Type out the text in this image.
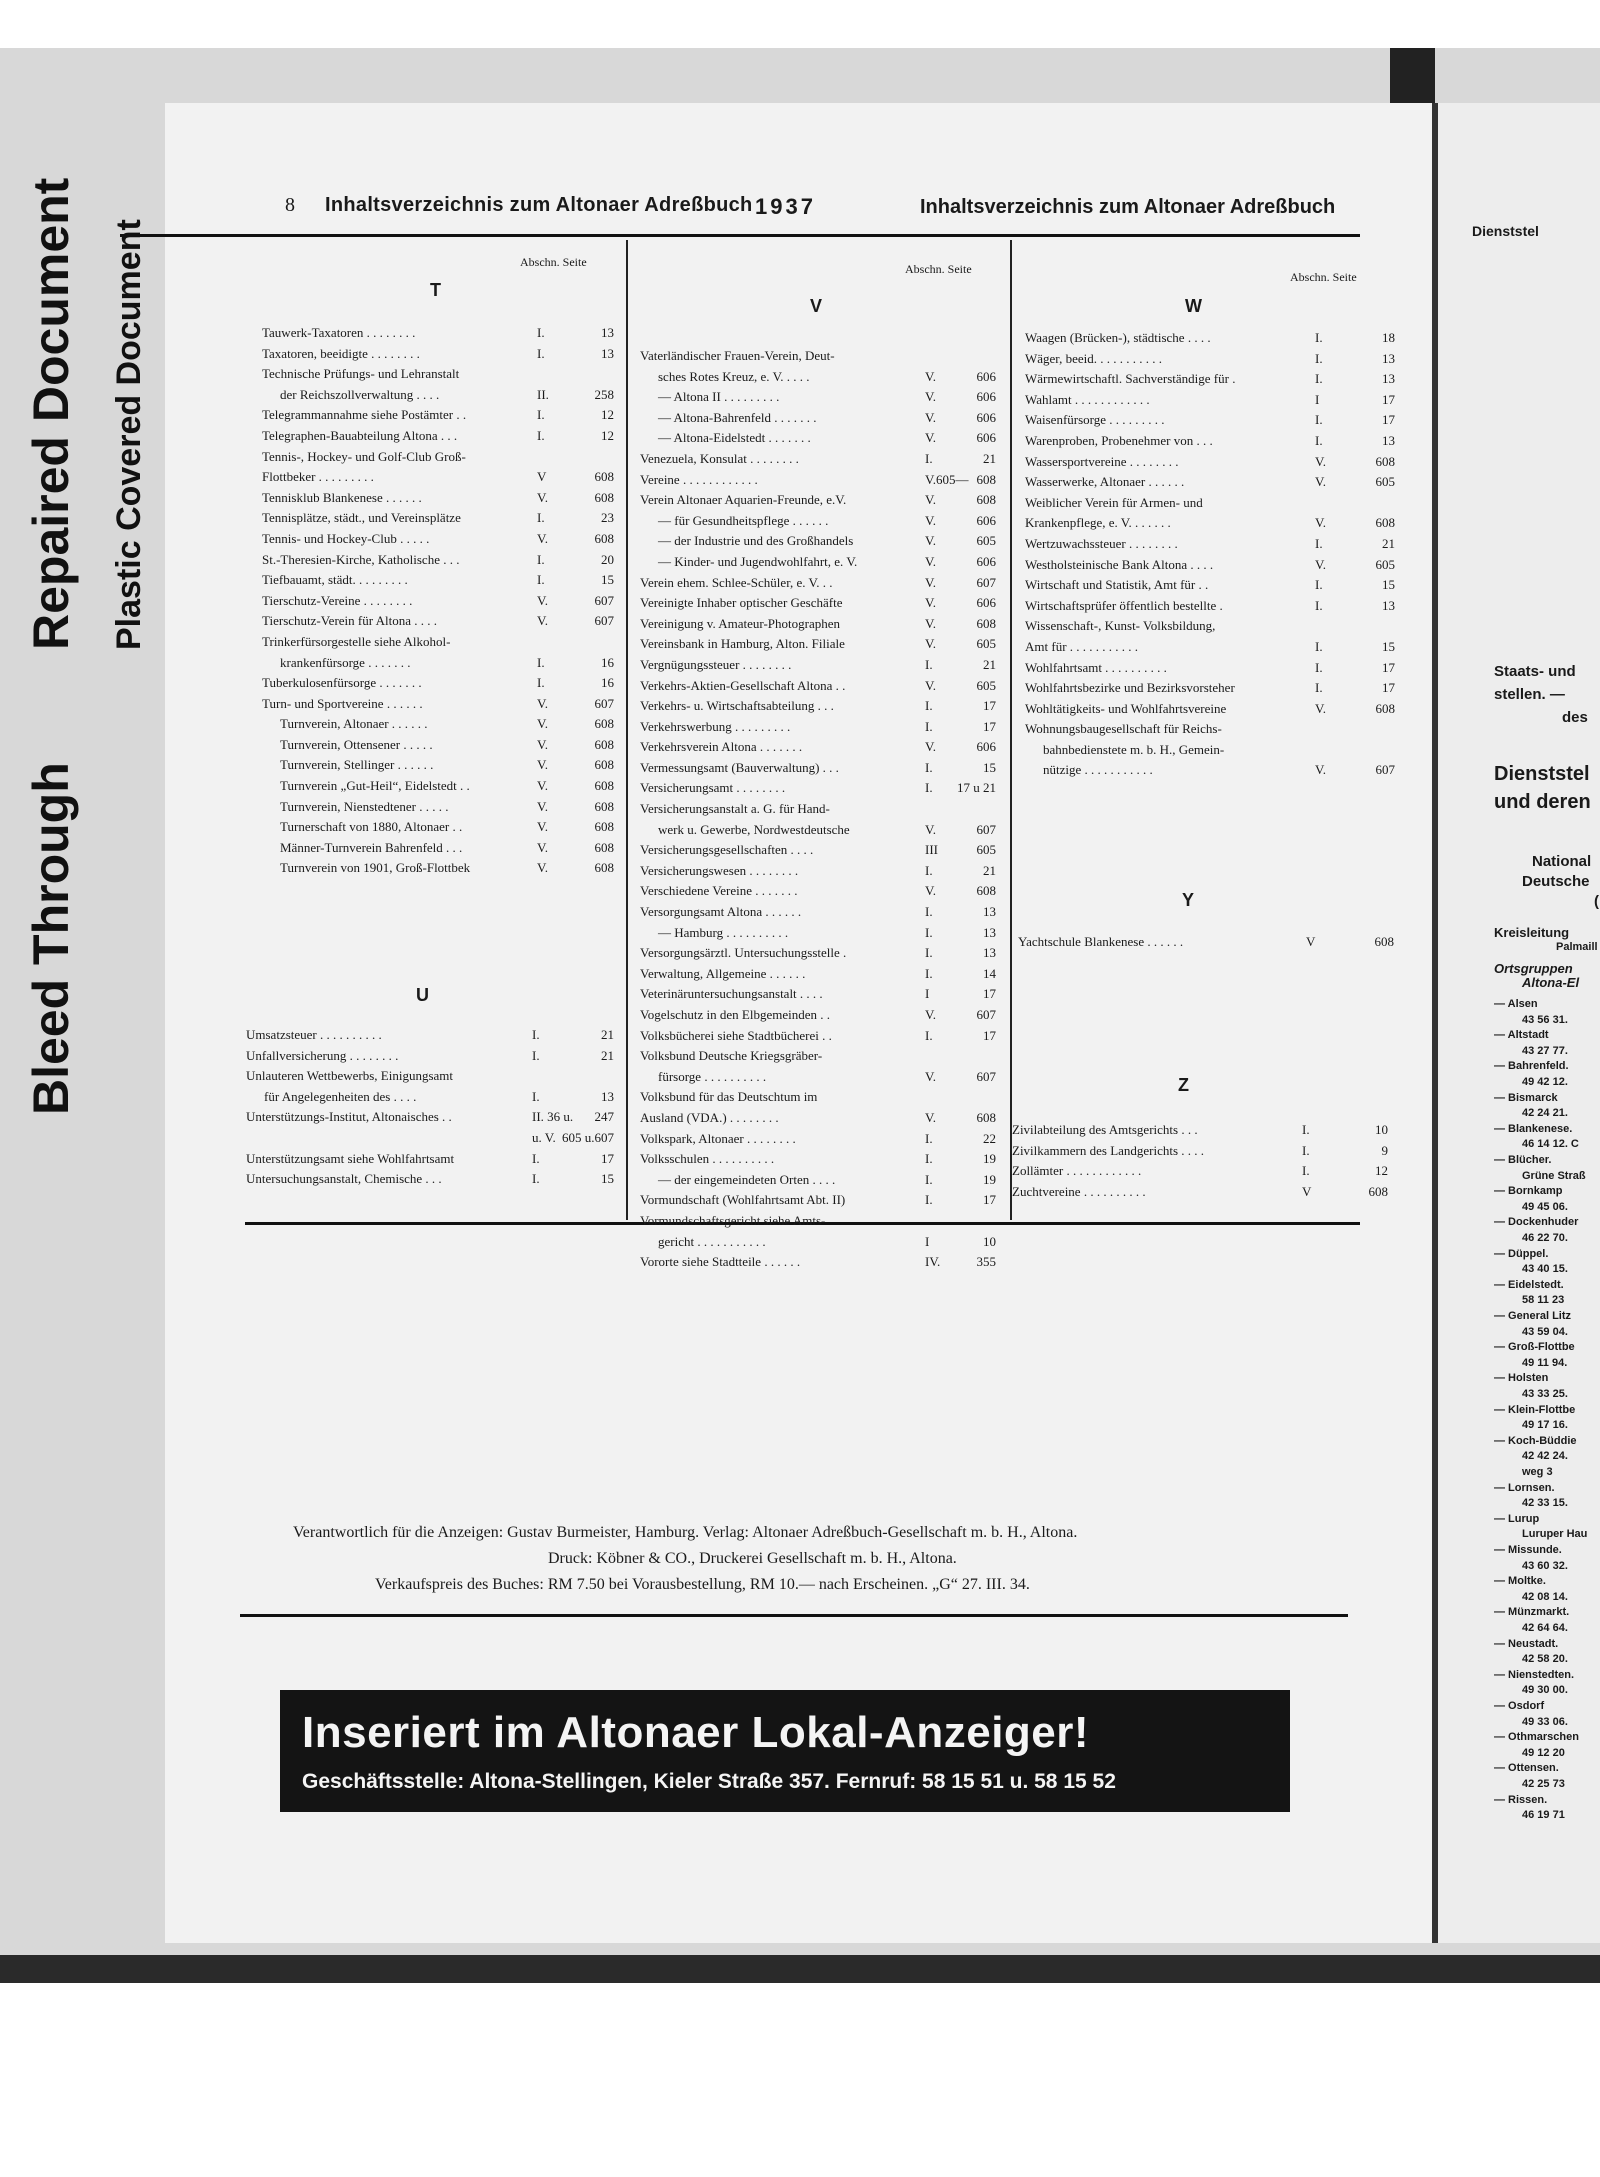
Bleed Through
Repaired Document Plastic Covered Document	Dienststel
Staats- und
stellen. —
des
Dienststel
und deren
National
Deutsche
(
Kreisleitung
Palmaill
Ortsgruppen
Altona-El
— Alsen
43 56 31.
— Altstadt
43 27 77.
— Bahrenfeld.
49 42 12.
— Bismarck
42 24 21.
— Blankenese.
46 14 12. C
— Blücher.
Grüne Straß
— Bornkamp
49 45 06.
— Dockenhuder
46 22 70.
— Düppel.
43 40 15.
— Eidelstedt.
58 11 23
— General Litz
43 59 04.
— Groß-Flottbe
49 11 94.
— Holsten
43 33 25.
— Klein-Flottbe
49 17 16.
— Koch-Büddie
42 42 24.
weg 3
— Lornsen.
42 33 15.
— Lurup
Luruper Hau
— Missunde.
43 60 32.
— Moltke.
42 08 14.
— Münzmarkt.
42 64 64.
— Neustadt.
42 58 20.
— Nienstedten.
49 30 00.
— Osdorf
49 33 06.
— Othmarschen
49 12 20
— Ottensen.
42 25 73
— Rissen.
46 19 71
8 Inhaltsverzeichnis zum Altonaer Adreßbuch 1937	Inhaltsverzeichnis zum Altonaer Adreßbuch
Abschn. Seite
T
Tauwerk-Taxatoren . . . . . . . .	I.	13
Taxatoren, beeidigte . . . . . . . .	I.	13
Technische Prüfungs- und Lehranstalt
der Reichszollverwaltung . . . .	II.	258
Telegrammannahme siehe Postämter . .	I.	12
Telegraphen-Bauabteilung Altona . . .	I.	12
Tennis-, Hockey- und Golf-Club Groß-
Flottbeker . . . . . . . . .	V	608
Tennisklub Blankenese . . . . . .	V.	608
Tennisplätze, städt., und Vereinsplätze	I.	23
Tennis- und Hockey-Club . . . . .	V.	608
St.-Theresien-Kirche, Katholische . . .	I.	20
Tiefbauamt, städt. . . . . . . . .	I.	15
Tierschutz-Vereine . . . . . . . .	V.	607
Tierschutz-Verein für Altona . . . .	V.	607
Trinkerfürsorgestelle siehe Alkohol-
krankenfürsorge . . . . . . .	I.	16
Tuberkulosenfürsorge . . . . . . .	I.	16
Turn- und Sportvereine . . . . . .	V.	607
Turnverein, Altonaer . . . . . .	V.	608
Turnverein, Ottensener . . . . .	V.	608
Turnverein, Stellinger . . . . . .	V.	608
Turnverein „Gut-Heil“, Eidelstedt . .	V.	608
Turnverein, Nienstedtener . . . . .	V.	608
Turnerschaft von 1880, Altonaer . .	V.	608
Männer-Turnverein Bahrenfeld . . .	V.	608
Turnverein von 1901, Groß-Flottbek	V.	608
U
Umsatzsteuer . . . . . . . . . .	I.	21
Unfallversicherung . . . . . . . .	I.	21
Unlauteren Wettbewerbs, Einigungsamt
für Angelegenheiten des . . . .	I.	13
Unterstützungs-Institut, Altonaisches . .	II. 36 u.	247
u. V. 605 u.607
Unterstützungsamt siehe Wohlfahrtsamt	I.	17
Untersuchungsanstalt, Chemische . . .	I.	15
Abschn. Seite
V
Vaterländischer Frauen-Verein, Deut-
sches Rotes Kreuz, e. V. . . . .	V.	606
— Altona II . . . . . . . . .	V.	606
— Altona-Bahrenfeld . . . . . . .	V.	606
— Altona-Eidelstedt . . . . . . .	V.	606
Venezuela, Konsulat . . . . . . . .	I.	21
Vereine . . . . . . . . . . . .	V.605— 608
Verein Altonaer Aquarien-Freunde, e.V.	V.	608
— für Gesundheitspflege . . . . . .	V.	606
— der Industrie und des Großhandels	V.	605
— Kinder- und Jugendwohlfahrt, e. V.	V.	606
Verein ehem. Schlee-Schüler, e. V. . .	V.	607
Vereinigte Inhaber optischer Geschäfte	V.	606
Vereinigung v. Amateur-Photographen	V.	608
Vereinsbank in Hamburg, Alton. Filiale	V.	605
Vergnügungssteuer . . . . . . . .	I.	21
Verkehrs-Aktien-Gesellschaft Altona . .	V.	605
Verkehrs- u. Wirtschaftsabteilung . . .	I.	17
Verkehrswerbung . . . . . . . . .	I.	17
Verkehrsverein Altona . . . . . . .	V.	606
Vermessungsamt (Bauverwaltung) . . .	I.	15
Versicherungsamt . . . . . . . .	I.	17 u 21
Versicherungsanstalt a. G. für Hand-
werk u. Gewerbe, Nordwestdeutsche	V.	607
Versicherungsgesellschaften . . . .	III	605
Versicherungswesen . . . . . . . .	I.	21
Verschiedene Vereine . . . . . . .	V.	608
Versorgungsamt Altona . . . . . .	I.	13
— Hamburg . . . . . . . . . .	I.	13
Versorgungsärztl. Untersuchungsstelle .	I.	13
Verwaltung, Allgemeine . . . . . .	I.	14
Veterinäruntersuchungsanstalt . . . .	I	17
Vogelschutz in den Elbgemeinden . .	V.	607
Volksbücherei siehe Stadtbücherei . .	I.	17
Volksbund Deutsche Kriegsgräber-
fürsorge . . . . . . . . . .	V.	607
Volksbund für das Deutschtum im
Ausland (VDA.) . . . . . . . .	V.	608
Volkspark, Altonaer . . . . . . . .	I.	22
Volksschulen . . . . . . . . . .	I.	19
— der eingemeindeten Orten . . . .	I.	19
Vormundschaft (Wohlfahrtsamt Abt. II)	I.	17
Vormundschaftsgericht siehe Amts-
gericht . . . . . . . . . . .	I	10
Vororte siehe Stadtteile . . . . . .	IV.	355
Abschn. Seite
W
Waagen (Brücken-), städtische . . . .	I.	18
Wäger, beeid. . . . . . . . . . .	I.	13
Wärmewirtschaftl. Sachverständige für .	I.	13
Wahlamt . . . . . . . . . . . .	I	17
Waisenfürsorge . . . . . . . . .	I.	17
Warenproben, Probenehmer von . . .	I.	13
Wassersportvereine . . . . . . . .	V.	608
Wasserwerke, Altonaer . . . . . .	V.	605
Weiblicher Verein für Armen- und
Krankenpflege, e. V. . . . . . .	V.	608
Wertzuwachssteuer . . . . . . . .	I.	21
Westholsteinische Bank Altona . . . .	V.	605
Wirtschaft und Statistik, Amt für . .	I.	15
Wirtschaftsprüfer öffentlich bestellte .	I.	13
Wissenschaft-, Kunst- Volksbildung,
Amt für . . . . . . . . . . .	I.	15
Wohlfahrtsamt . . . . . . . . . .	I.	17
Wohlfahrtsbezirke und Bezirksvorsteher	I.	17
Wohltätigkeits- und Wohlfahrtsvereine	V.	608
Wohnungsbaugesellschaft für Reichs-
bahnbedienstete m. b. H., Gemein-
nützige . . . . . . . . . . .	V.	607
Y
Yachtschule Blankenese . . . . . .	V	608
Z
Zivilabteilung des Amtsgerichts . . .	I.	10
Zivilkammern des Landgerichts . . . .	I.	9
Zollämter . . . . . . . . . . . .	I.	12
Zuchtvereine . . . . . . . . . .	V	608
Verantwortlich für die Anzeigen: Gustav Burmeister, Hamburg. Verlag: Altonaer Adreßbuch-Gesellschaft m. b. H., Altona.
Druck: Köbner & CO., Druckerei Gesellschaft m. b. H., Altona.
Verkaufspreis des Buches: RM 7.50 bei Vorausbestellung, RM 10.— nach Erscheinen. „G“ 27. III. 34.
Inseriert im Altonaer Lokal-Anzeiger!
Geschäftsstelle: Altona-Stellingen, Kieler Straße 357. Fernruf: 58 15 51 u. 58 15 52
